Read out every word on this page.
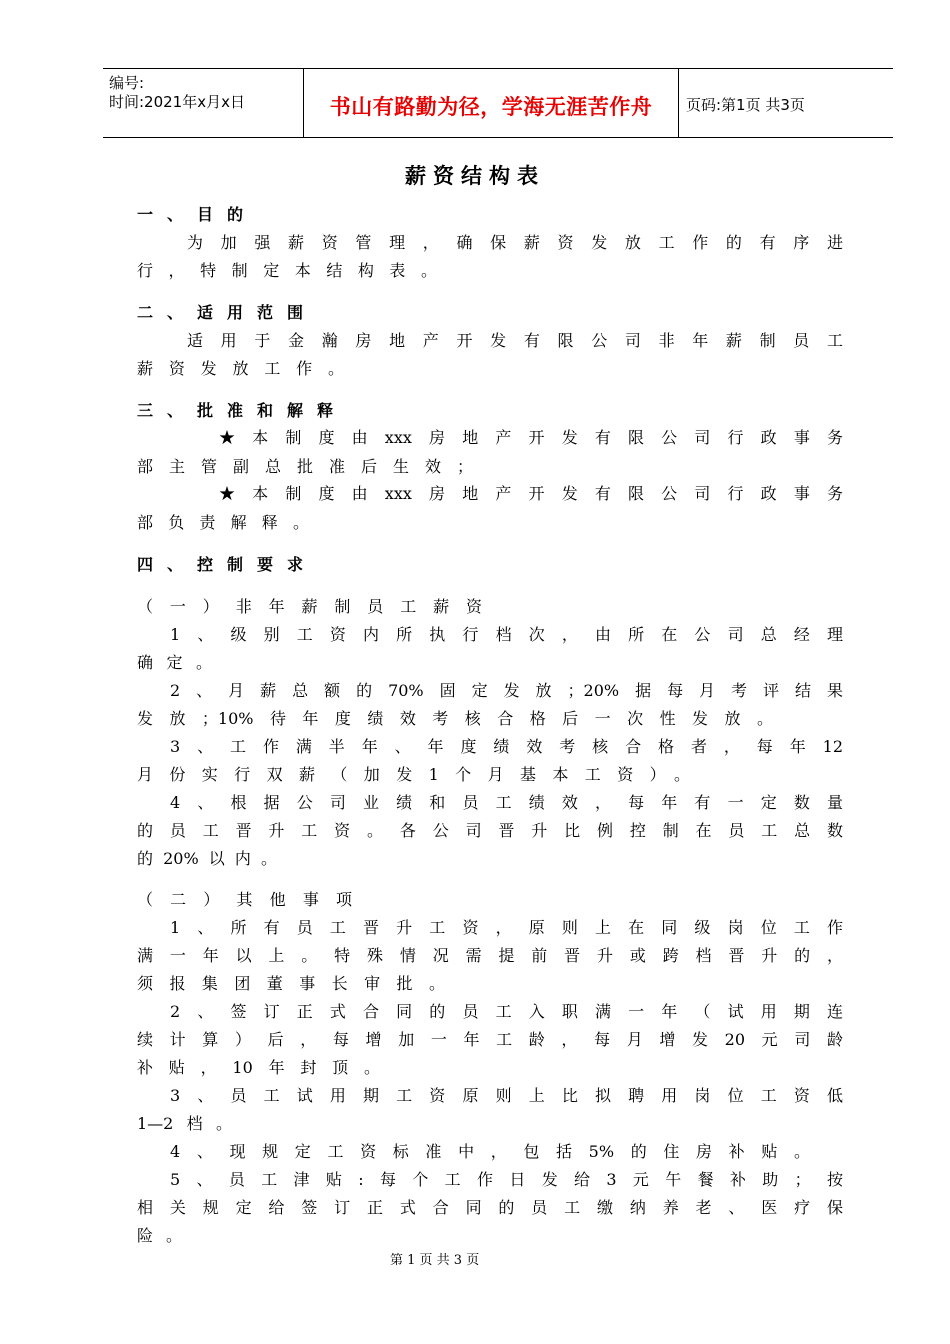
编号:
时间:2021年x月x日	书山有路勤为径，学海无涯苦作舟	页码:第1页 共3页
薪资结构表
一、目的
为加强薪资管理，确保薪资发放工作的有序进
行，特制定本结构表。
二、适用范围
适用于金瀚房地产开发有限公司非年薪制员工
薪资发放工作。
三、批准和解释
★本制度由xxx房地产开发有限公司行政事务
部主管副总批准后生效；
★本制度由xxx房地产开发有限公司行政事务
部负责解释。
四、控制要求
（一）非年薪制员工薪资
1、级别工资内所执行档次，由所在公司总经理
确定。
2、月薪总额的70%固定发放；20%据每月考评结果
发放；10%待年度绩效考核合格后一次性发放。
3、工作满半年、年度绩效考核合格者，每年12
月份实行双薪（加发1个月基本工资）。
4、根据公司业绩和员工绩效，每年有一定数量
的员工晋升工资。各公司晋升比例控制在员工总数
的20%以内。
（二）其他事项
1、所有员工晋升工资，原则上在同级岗位工作
满一年以上。特殊情况需提前晋升或跨档晋升的，
须报集团董事长审批。
2、签订正式合同的员工入职满一年（试用期连
续计算）后，每增加一年工龄，每月增发20元司龄
补贴，10年封顶。
3、员工试用期工资原则上比拟聘用岗位工资低
1—2档。
4、现规定工资标准中，包括5%的住房补贴。
5、员工津贴:每个工作日发给3元午餐补助；按
相关规定给签订正式合同的员工缴纳养老、医疗保
险。
第 1 页 共 3 页
